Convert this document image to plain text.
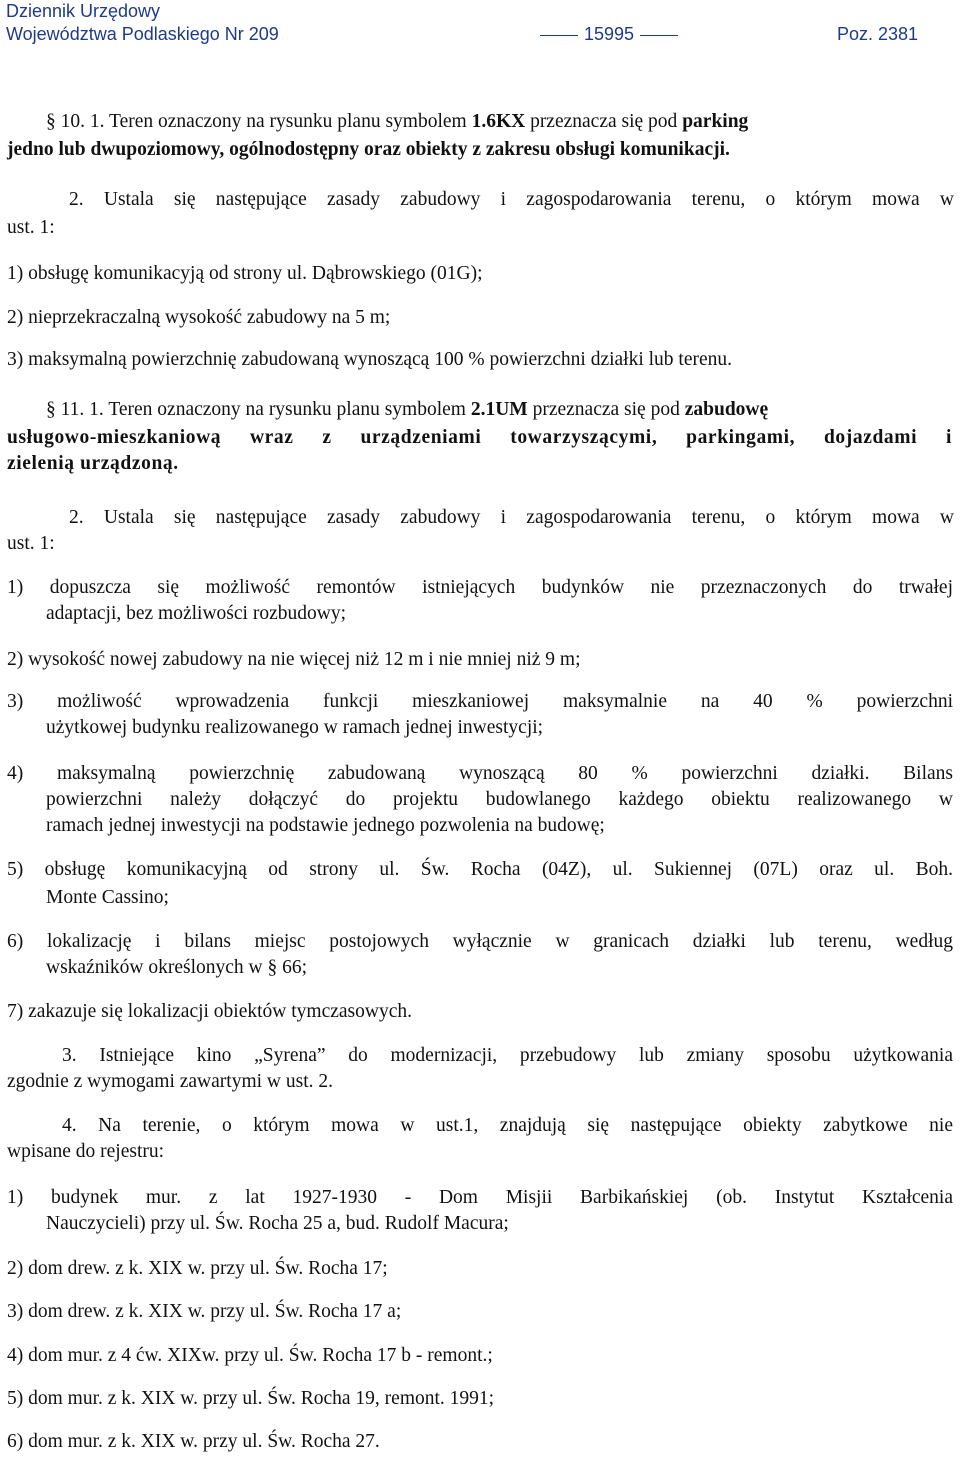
Dziennik Urzędowy
Województwa Podlaskiego Nr 209	15995	Poz. 2381
§ 10. 1. Teren oznaczony na rysunku planu symbolem 1.6KX przeznacza się pod parking
jedno lub dwupoziomowy, ogólnodostępny oraz obiekty z zakresu obsługi komunikacji.
2. Ustala się następujące zasady zabudowy i zagospodarowania terenu, o którym mowa w
ust. 1:
1) obsługę komunikacyją od strony ul. Dąbrowskiego (01G);
2) nieprzekraczalną wysokość zabudowy na 5 m;
3) maksymalną powierzchnię zabudowaną wynoszącą 100 % powierzchni działki lub terenu.
§ 11. 1. Teren oznaczony na rysunku planu symbolem 2.1UM przeznacza się pod zabudowę
usługowo-mieszkaniową wraz z urządzeniami towarzyszącymi, parkingami, dojazdami i
zielenią urządzoną.
2. Ustala się następujące zasady zabudowy i zagospodarowania terenu, o którym mowa w
ust. 1:
1) dopuszcza się możliwość remontów istniejących budynków nie przeznaczonych do trwałej
adaptacji, bez możliwości rozbudowy;
2) wysokość nowej zabudowy na nie więcej niż 12 m i nie mniej niż 9 m;
3) możliwość wprowadzenia funkcji mieszkaniowej maksymalnie na 40 % powierzchni
użytkowej budynku realizowanego w ramach jednej inwestycji;
4) maksymalną powierzchnię zabudowaną wynoszącą 80 % powierzchni działki. Bilans
powierzchni należy dołączyć do projektu budowlanego każdego obiektu realizowanego w
ramach jednej inwestycji na podstawie jednego pozwolenia na budowę;
5) obsługę komunikacyjną od strony ul. Św. Rocha (04Z), ul. Sukiennej (07L) oraz ul. Boh.
Monte Cassino;
6) lokalizację i bilans miejsc postojowych wyłącznie w granicach działki lub terenu, według
wskaźników określonych w § 66;
7) zakazuje się lokalizacji obiektów tymczasowych.
3. Istniejące kino „Syrena” do modernizacji, przebudowy lub zmiany sposobu użytkowania
zgodnie z wymogami zawartymi w ust. 2.
4. Na terenie, o którym mowa w ust.1, znajdują się następujące obiekty zabytkowe nie
wpisane do rejestru:
1) budynek mur. z lat 1927-1930 - Dom Misjii Barbikańskiej (ob. Instytut Kształcenia
Nauczycieli) przy ul. Św. Rocha 25 a, bud. Rudolf Macura;
2) dom drew. z k. XIX w. przy ul. Św. Rocha 17;
3) dom drew. z k. XIX w. przy ul. Św. Rocha 17 a;
4) dom mur. z 4 ćw. XIXw. przy ul. Św. Rocha 17 b - remont.;
5) dom mur. z k. XIX w. przy ul. Św. Rocha 19, remont. 1991;
6) dom mur. z k. XIX w. przy ul. Św. Rocha 27.
